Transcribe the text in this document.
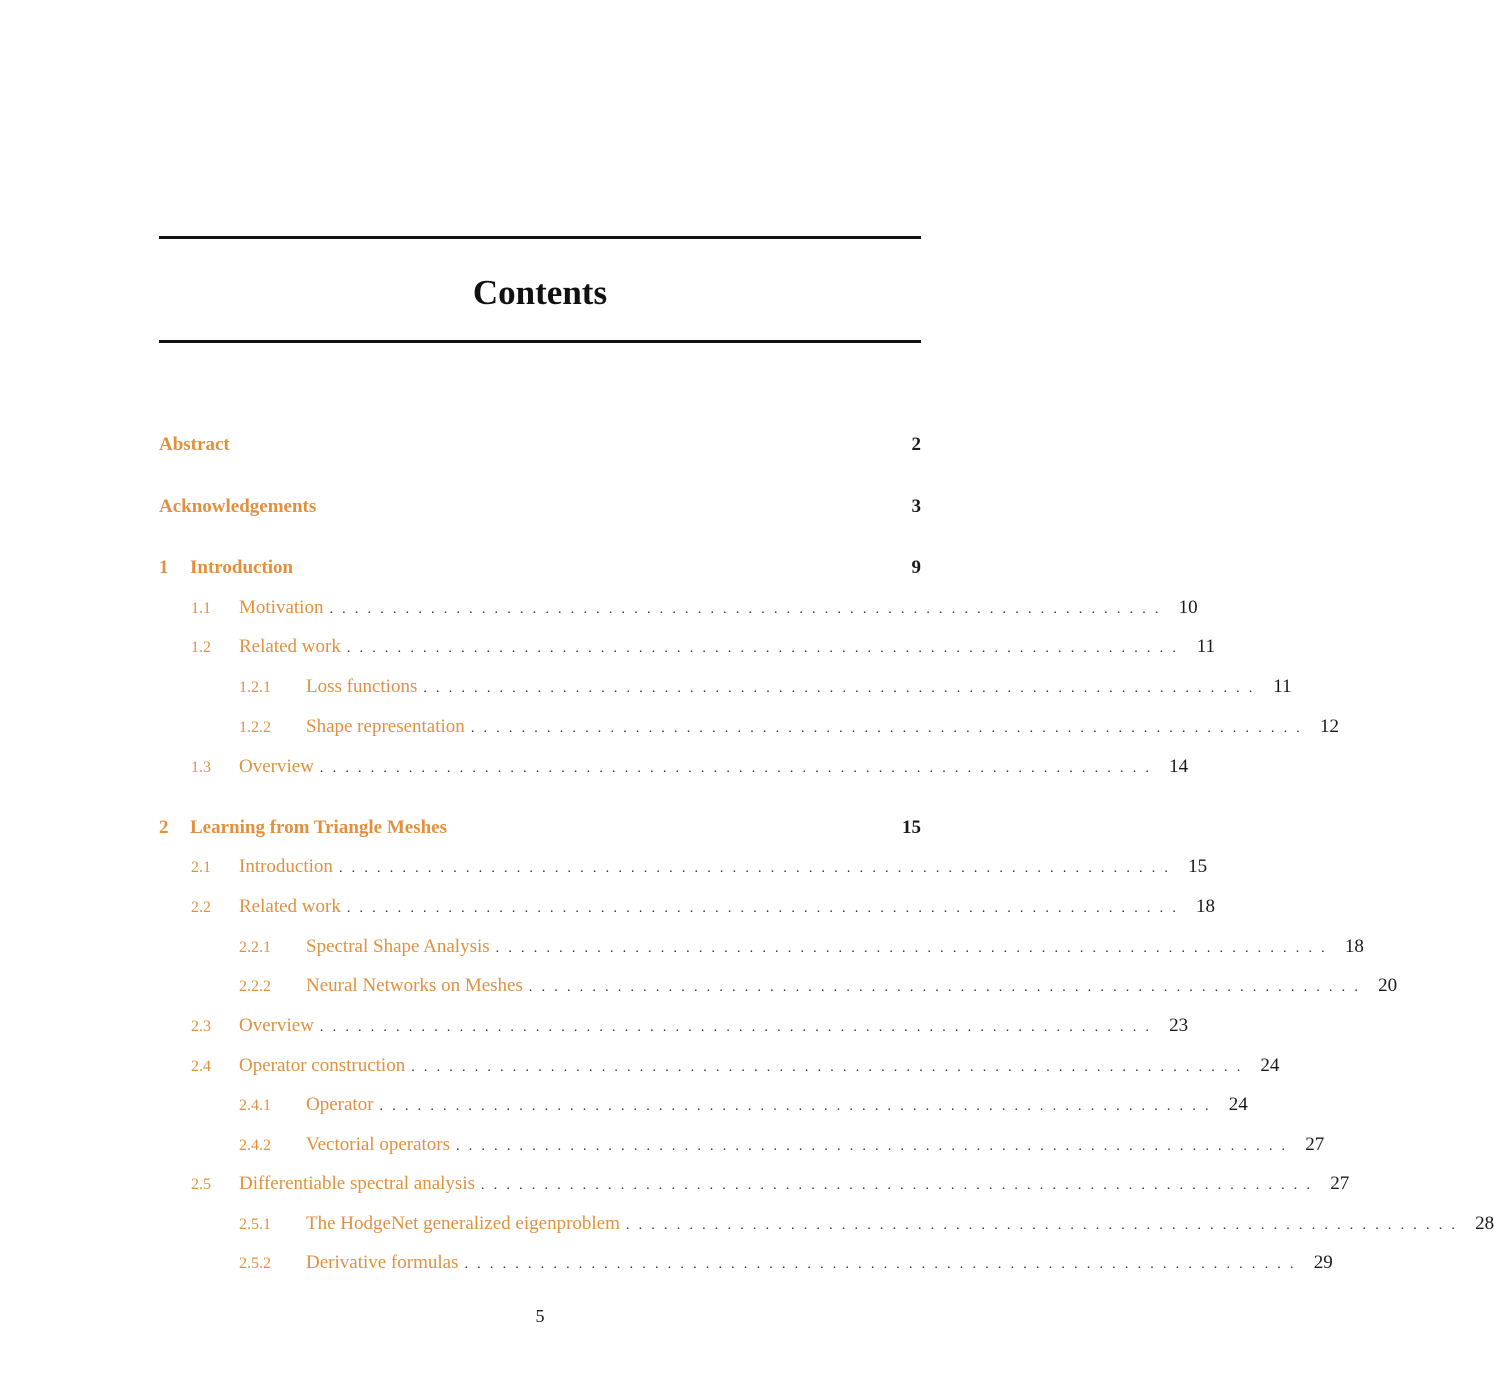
Contents
Abstract	2
Acknowledgements	3
1	Introduction	9
1.1	Motivation .................................................................. 10
1.2	Related work .................................................................. 11
1.2.1	Loss functions .................................................................. 11
1.2.2	Shape representation .................................................................. 12
1.3	Overview .................................................................. 14
2	Learning from Triangle Meshes	15
2.1	Introduction .................................................................. 15
2.2	Related work .................................................................. 18
2.2.1	Spectral Shape Analysis .................................................................. 18
2.2.2	Neural Networks on Meshes .................................................................. 20
2.3	Overview .................................................................. 23
2.4	Operator construction .................................................................. 24
2.4.1	Operator .................................................................. 24
2.4.2	Vectorial operators .................................................................. 27
2.5	Differentiable spectral analysis .................................................................. 27
2.5.1	The HodgeNet generalized eigenproblem .................................................................. 28
2.5.2	Derivative formulas .................................................................. 29
5
